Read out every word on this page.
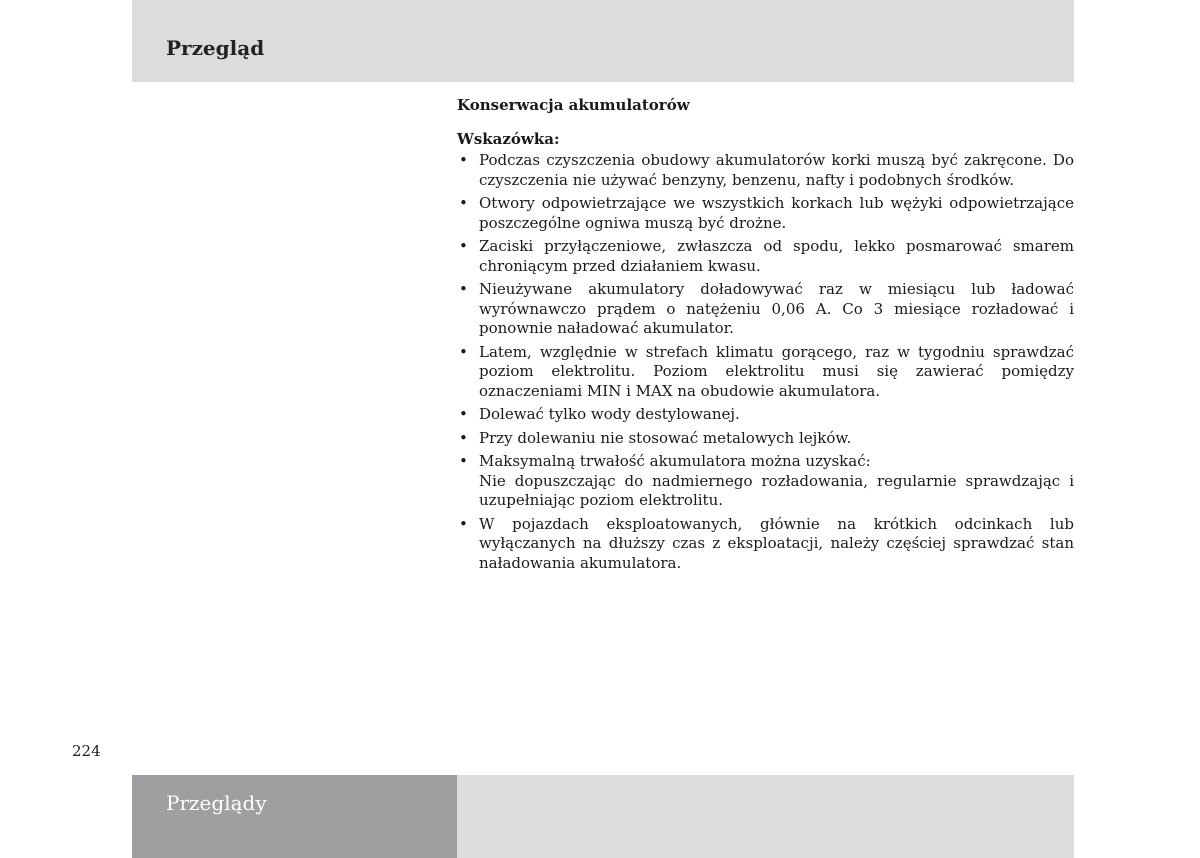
Przegląd
Konserwacja akumulatorów
Wskazówka:
• Podczas czyszczenia obudowy akumulatorów korki muszą być zakręcone. Do czyszczenia nie używać benzyny, benzenu, nafty i podobnych środków.
• Otwory odpowietrzające we wszystkich korkach lub wężyki odpowietrzające poszczególne ogniwa muszą być drożne.
• Zaciski przyłączeniowe, zwłaszcza od spodu, lekko posmarować smarem chroniącym przed działaniem kwasu.
• Nieużywane akumulatory doładowywać raz w miesiącu lub ładować wyrównawczo prądem o natężeniu 0,06 A. Co 3 miesiące rozładować i ponownie naładować akumulator.
• Latem, względnie w strefach klimatu gorącego, raz w tygodniu sprawdzać poziom elektrolitu. Poziom elektrolitu musi się zawierać pomiędzy oznaczeniami MIN i MAX na obudowie akumulatora.
• Dolewać tylko wody destylowanej.
• Przy dolewaniu nie stosować metalowych lejków.
• Maksymalną trwałość akumulatora można uzyskać:
Nie dopuszczając do nadmiernego rozładowania, regularnie sprawdzając i uzupełniając poziom elektrolitu.
• W pojazdach eksploatowanych, głównie na krótkich odcinkach lub wyłączanych na dłuższy czas z eksploatacji, należy częściej sprawdzać stan naładowania akumulatora.
224
Przeglądy
